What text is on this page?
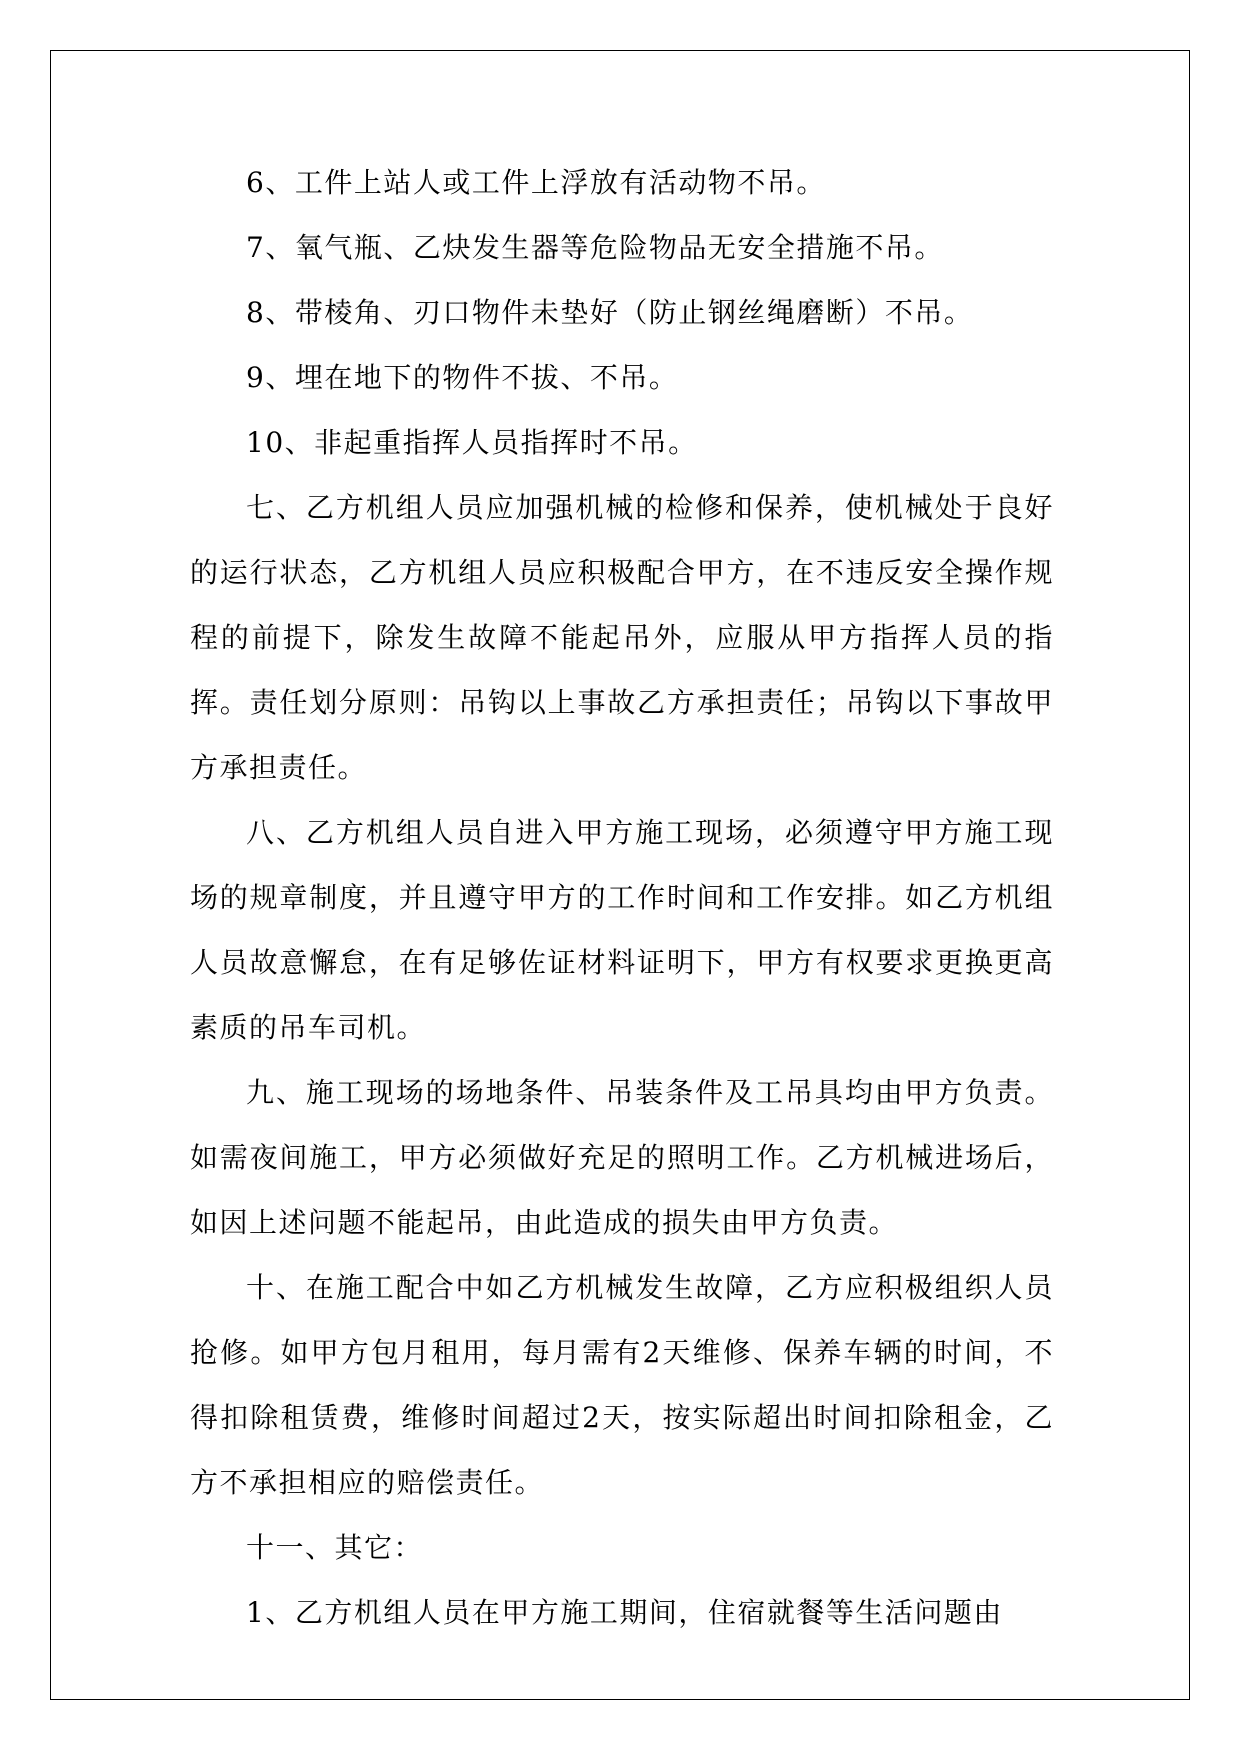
6、工件上站人或工件上浮放有活动物不吊。

7、氧气瓶、乙炔发生器等危险物品无安全措施不吊。

8、带棱角、刃口物件未垫好（防止钢丝绳磨断）不吊。

9、埋在地下的物件不拔、不吊。

10、非起重指挥人员指挥时不吊。

七、乙方机组人员应加强机械的检修和保养，使机械处于良好的运行状态，乙方机组人员应积极配合甲方，在不违反安全操作规程的前提下，除发生故障不能起吊外，应服从甲方指挥人员的指挥。责任划分原则：吊钩以上事故乙方承担责任；吊钩以下事故甲方承担责任。

八、乙方机组人员自进入甲方施工现场，必须遵守甲方施工现场的规章制度，并且遵守甲方的工作时间和工作安排。如乙方机组人员故意懈怠，在有足够佐证材料证明下，甲方有权要求更换更高素质的吊车司机。

九、施工现场的场地条件、吊装条件及工吊具均由甲方负责。如需夜间施工，甲方必须做好充足的照明工作。乙方机械进场后，如因上述问题不能起吊，由此造成的损失由甲方负责。

十、在施工配合中如乙方机械发生故障，乙方应积极组织人员抢修。如甲方包月租用，每月需有2天维修、保养车辆的时间，不得扣除租赁费，维修时间超过2天，按实际超出时间扣除租金，乙方不承担相应的赔偿责任。

十一、其它：

1、乙方机组人员在甲方施工期间，住宿就餐等生活问题由
